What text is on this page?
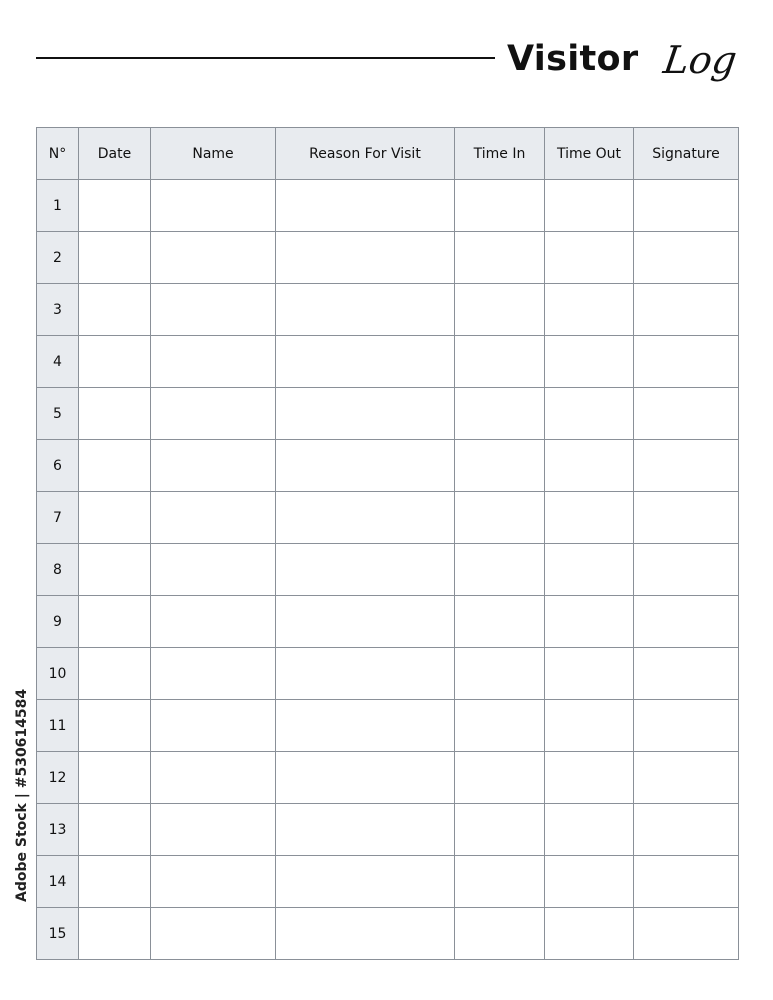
Visitor Log
N°	Date	Name	Reason For Visit	Time In	Time Out	Signature
1						
2						
3						
4						
5						
6						
7						
8						
9						
10						
11						
12						
13						
14						
15						
Adobe Stock | #530614584
